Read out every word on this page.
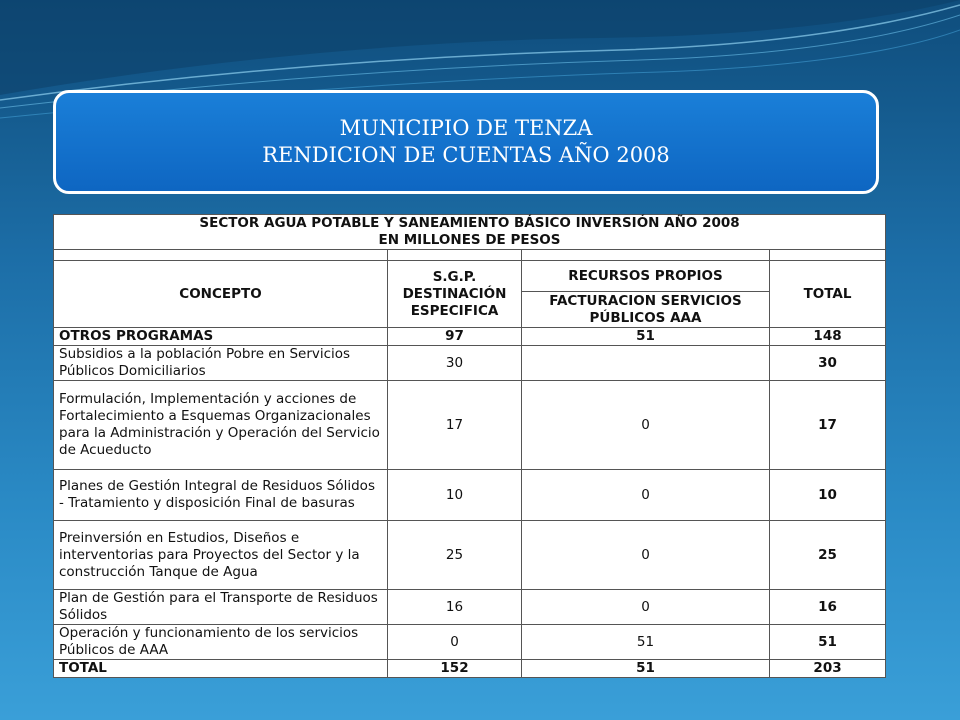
MUNICIPIO DE TENZA
RENDICION DE CUENTAS AÑO 2008
SECTOR AGUA POTABLE Y SANEAMIENTO BÁSICO INVERSIÓN AÑO 2008
EN MILLONES DE PESOS			

CONCEPTO	S.G.P. DESTINACIÓN ESPECIFICA	RECURSOS PROPIOS	TOTAL
		FACTURACION SERVICIOS PÚBLICOS AAA	
OTROS PROGRAMAS	97	51	148
Subsidios a la población Pobre en Servicios Públicos Domiciliarios	30		30
Formulación, Implementación y acciones de Fortalecimiento a Esquemas Organizacionales para la Administración y Operación del Servicio de Acueducto	17	0	17
Planes de Gestión Integral de Residuos Sólidos - Tratamiento y disposición Final de basuras	10	0	10
Preinversión en Estudios, Diseños e interventorias para Proyectos del Sector y la construcción Tanque de Agua	25	0	25
Plan de Gestión para el Transporte de Residuos Sólidos	16	0	16
Operación y funcionamiento de los servicios Públicos de AAA	0	51	51
TOTAL	152	51	203
